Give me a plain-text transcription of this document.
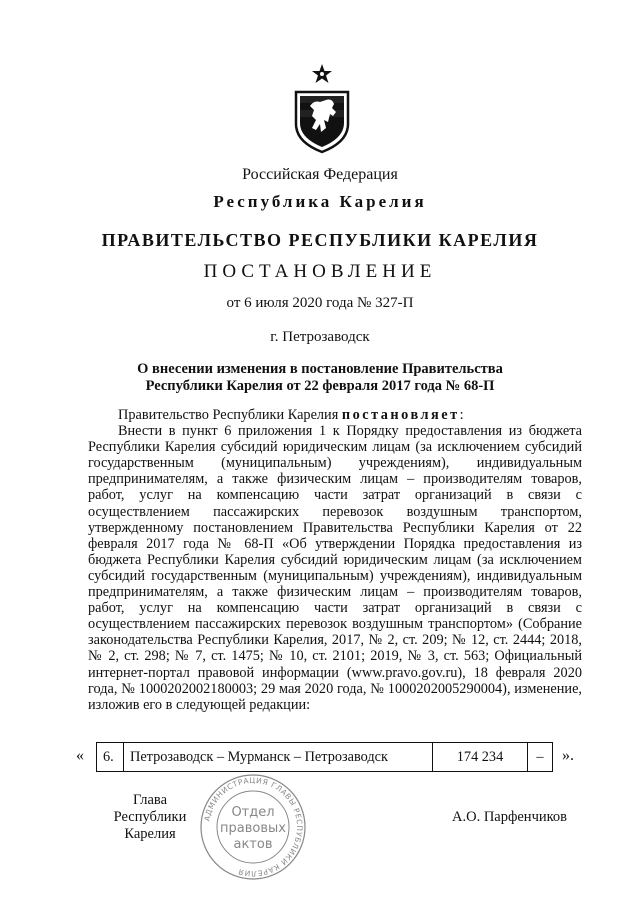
Российская Федерация
Республика Карелия
ПРАВИТЕЛЬСТВО РЕСПУБЛИКИ КАРЕЛИЯ
ПОСТАНОВЛЕНИЕ
от 6 июля 2020 года № 327-П
г. Петрозаводск
О внесении изменения в постановление Правительства
Республики Карелия от 22 февраля 2017 года № 68-П

Правительство Республики Карелия постановляет:

Внести в пункт 6 приложения 1 к Порядку предоставления из бюджета Республики Карелия субсидий юридическим лицам (за исключением субсидий государственным (муниципальным) учреждениям), индивидуальным предпринимателям, а также физическим лицам – производителям товаров, работ, услуг на компенсацию части затрат организаций в связи с осуществлением пассажирских перевозок воздушным транспортом, утвержденному постановлением Правительства Республики Карелия от 22 февраля 2017 года № 68-П «Об утверждении Порядка предоставления из бюджета Республики Карелия субсидий юридическим лицам (за исключением субсидий государственным (муниципальным) учреждениям), индивидуальным предпринимателям, а также физическим лицам – производителям товаров, работ, услуг на компенсацию части затрат организаций в связи с осуществлением пассажирских перевозок воздушным транспортом» (Собрание законодательства Республики Карелия, 2017, № 2, ст. 209; № 12, ст. 2444; 2018, № 2, ст. 298; № 7, ст. 1475; № 10, ст. 2101; 2019, № 3, ст. 563; Официальный интернет-портал правовой информации (www.pravo.gov.ru), 18 февраля 2020 года, № 1000202002180003; 29 мая 2020 года, № 1000202005290004), изменение, изложив его в следующей редакции:

« 6.	Петрозаводск – Мурманск – Петрозаводск	174 234	– ».
Глава
Республики Карелия
А.О. Парфенчиков
АДМИНИСТРАЦИЯ ГЛАВЫ РЕСПУБЛИКИ КАРЕЛИЯ
Отдел
правовых
актов
